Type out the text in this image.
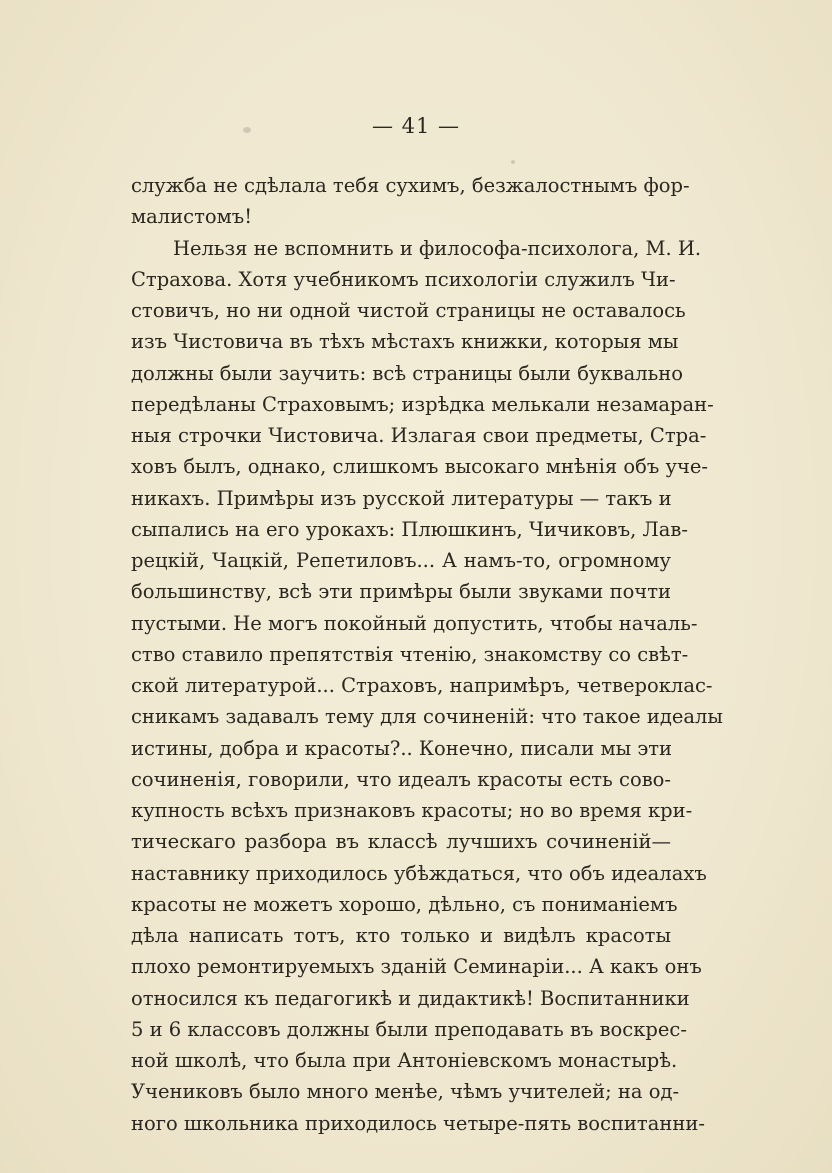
— 41 —
служба не сдѣлала тебя сухимъ, безжалостнымъ фор-
малистомъ!
Нельзя не вспомнить и философа-психолога, М. И.
Страхова. Хотя учебникомъ психологіи служилъ Чи-
стовичъ, но ни одной чистой страницы не оставалось
изъ Чистовича въ тѣхъ мѣстахъ книжки, которыя мы
должны были заучить: всѣ страницы были буквально
передѣланы Страховымъ; изрѣдка мелькали незамаран-
ныя строчки Чистовича. Излагая свои предметы, Стра-
ховъ былъ, однако, слишкомъ высокаго мнѣнія объ уче-
никахъ. Примѣры изъ русской литературы — такъ и
сыпались на его урокахъ: Плюшкинъ, Чичиковъ, Лав-
рецкій, Чацкій, Репетиловъ... А намъ-то, огромному
большинству, всѣ эти примѣры были звуками почти
пустыми. Не могъ покойный допустить, чтобы началь-
ство ставило препятствія чтенію, знакомству со свѣт-
ской литературой... Страховъ, напримѣръ, четвероклас-
сникамъ задавалъ тему для сочиненій: что такое идеалы
истины, добра и красоты?.. Конечно, писали мы эти
сочиненія, говорили, что идеалъ красоты есть сово-
купность всѣхъ признаковъ красоты; но во время кри-
тическаго разбора въ классѣ лучшихъ сочиненій—
наставнику приходилось убѣждаться, что объ идеалахъ
красоты не можетъ хорошо, дѣльно, съ пониманіемъ
дѣла написать тотъ, кто только и видѣлъ красоты
плохо ремонтируемыхъ зданій Семинаріи... А какъ онъ
относился къ педагогикѣ и дидактикѣ! Воспитанники
5 и 6 классовъ должны были преподавать въ воскрес-
ной школѣ, что была при Антоніевскомъ монастырѣ.
Учениковъ было много менѣе, чѣмъ учителей; на од-
ного школьника приходилось четыре-пять воспитанни-
